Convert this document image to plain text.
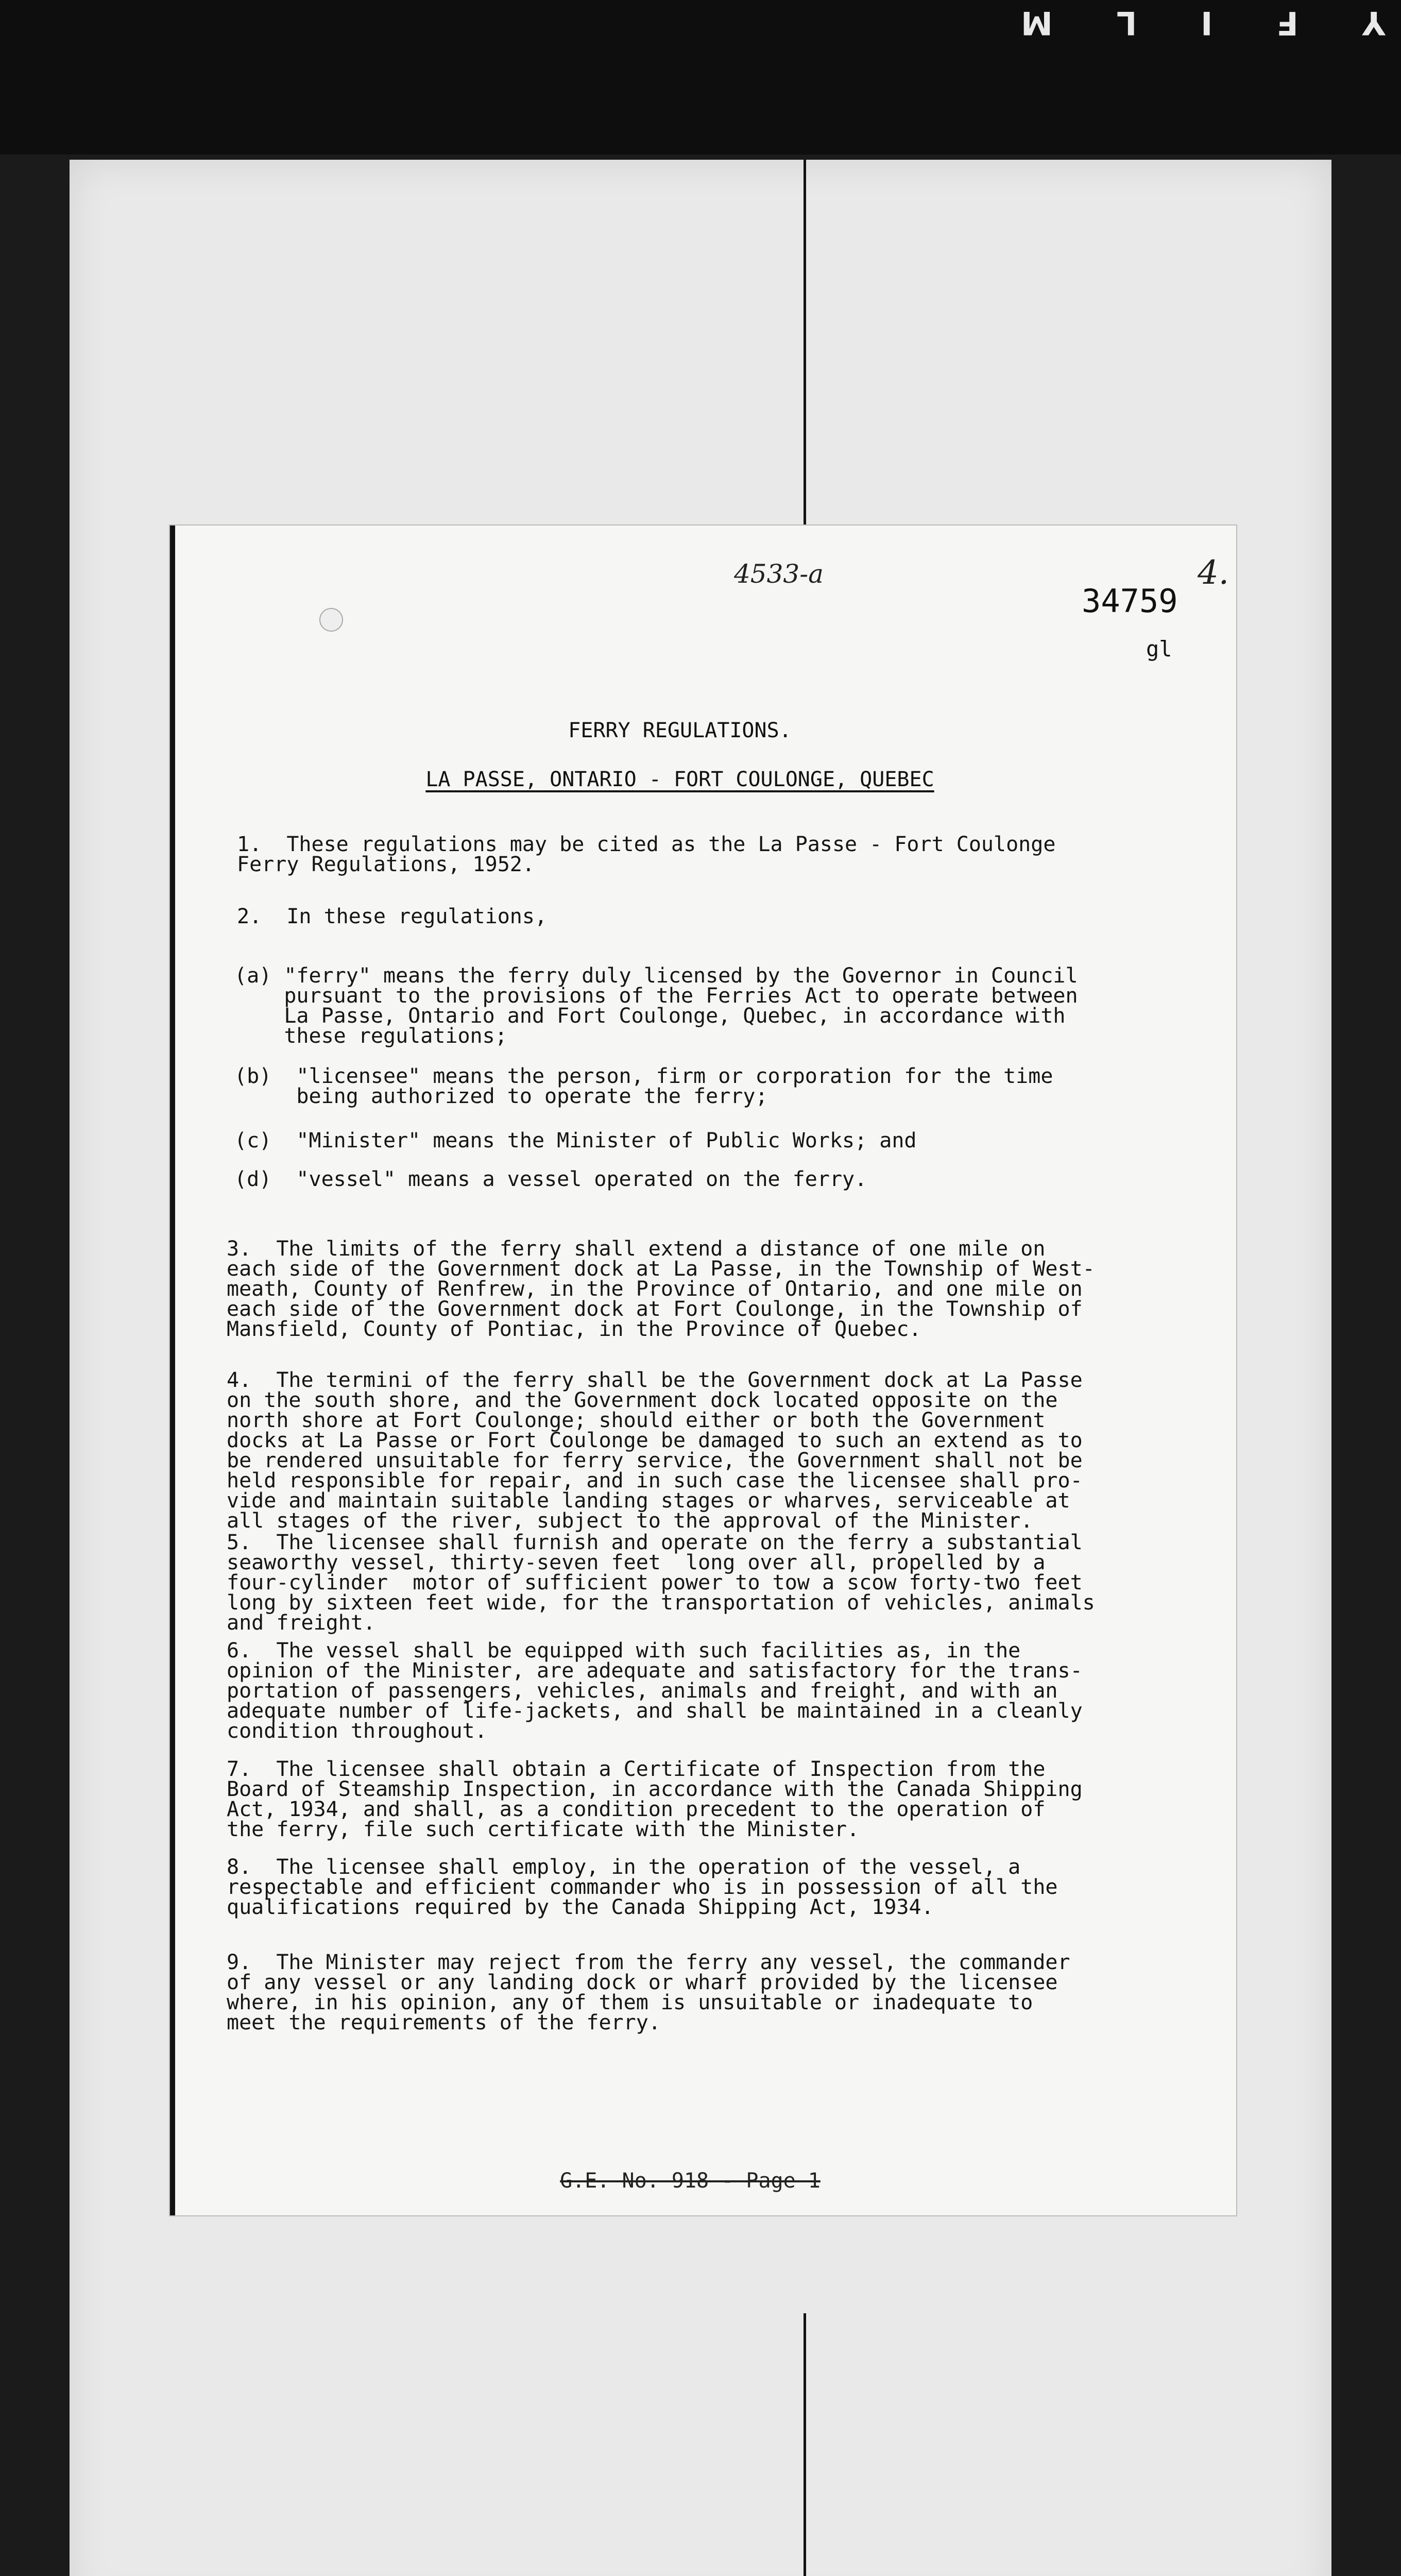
Y
F
I
L
M
4533-a	4.
34759
gl
FERRY REGULATIONS.
LA PASSE, ONTARIO - FORT COULONGE, QUEBEC
1.  These regulations may be cited as the La Passe - Fort Coulonge
Ferry Regulations, 1952.
2.  In these regulations,
(a) "ferry" means the ferry duly licensed by the Governor in Council
pursuant to the provisions of the Ferries Act to operate between
La Passe, Ontario and Fort Coulonge, Quebec, in accordance with
these regulations;
(b)  "licensee" means the person, firm or corporation for the time
being authorized to operate the ferry;
(c)  "Minister" means the Minister of Public Works; and
(d)  "vessel" means a vessel operated on the ferry.
3.  The limits of the ferry shall extend a distance of one mile on
each side of the Government dock at La Passe, in the Township of West-
meath, County of Renfrew, in the Province of Ontario, and one mile on
each side of the Government dock at Fort Coulonge, in the Township of
Mansfield, County of Pontiac, in the Province of Quebec.
4.  The termini of the ferry shall be the Government dock at La Passe
on the south shore, and the Government dock located opposite on the
north shore at Fort Coulonge; should either or both the Government
docks at La Passe or Fort Coulonge be damaged to such an extend as to
be rendered unsuitable for ferry service, the Government shall not be
held responsible for repair, and in such case the licensee shall pro-
vide and maintain suitable landing stages or wharves, serviceable at
all stages of the river, subject to the approval of the Minister.
5.  The licensee shall furnish and operate on the ferry a substantial
seaworthy vessel, thirty-seven feet  long over all, propelled by a
four-cylinder  motor of sufficient power to tow a scow forty-two feet
long by sixteen feet wide, for the transportation of vehicles, animals
and freight.
6.  The vessel shall be equipped with such facilities as, in the
opinion of the Minister, are adequate and satisfactory for the trans-
portation of passengers, vehicles, animals and freight, and with an
adequate number of life-jackets, and shall be maintained in a cleanly
condition throughout.
7.  The licensee shall obtain a Certificate of Inspection from the
Board of Steamship Inspection, in accordance with the Canada Shipping
Act, 1934, and shall, as a condition precedent to the operation of
the ferry, file such certificate with the Minister.
8.  The licensee shall employ, in the operation of the vessel, a
respectable and efficient commander who is in possession of all the
qualifications required by the Canada Shipping Act, 1934.
9.  The Minister may reject from the ferry any vessel, the commander
of any vessel or any landing dock or wharf provided by the licensee
where, in his opinion, any of them is unsuitable or inadequate to
meet the requirements of the ferry.
G.E. No. 918 - Page 1
